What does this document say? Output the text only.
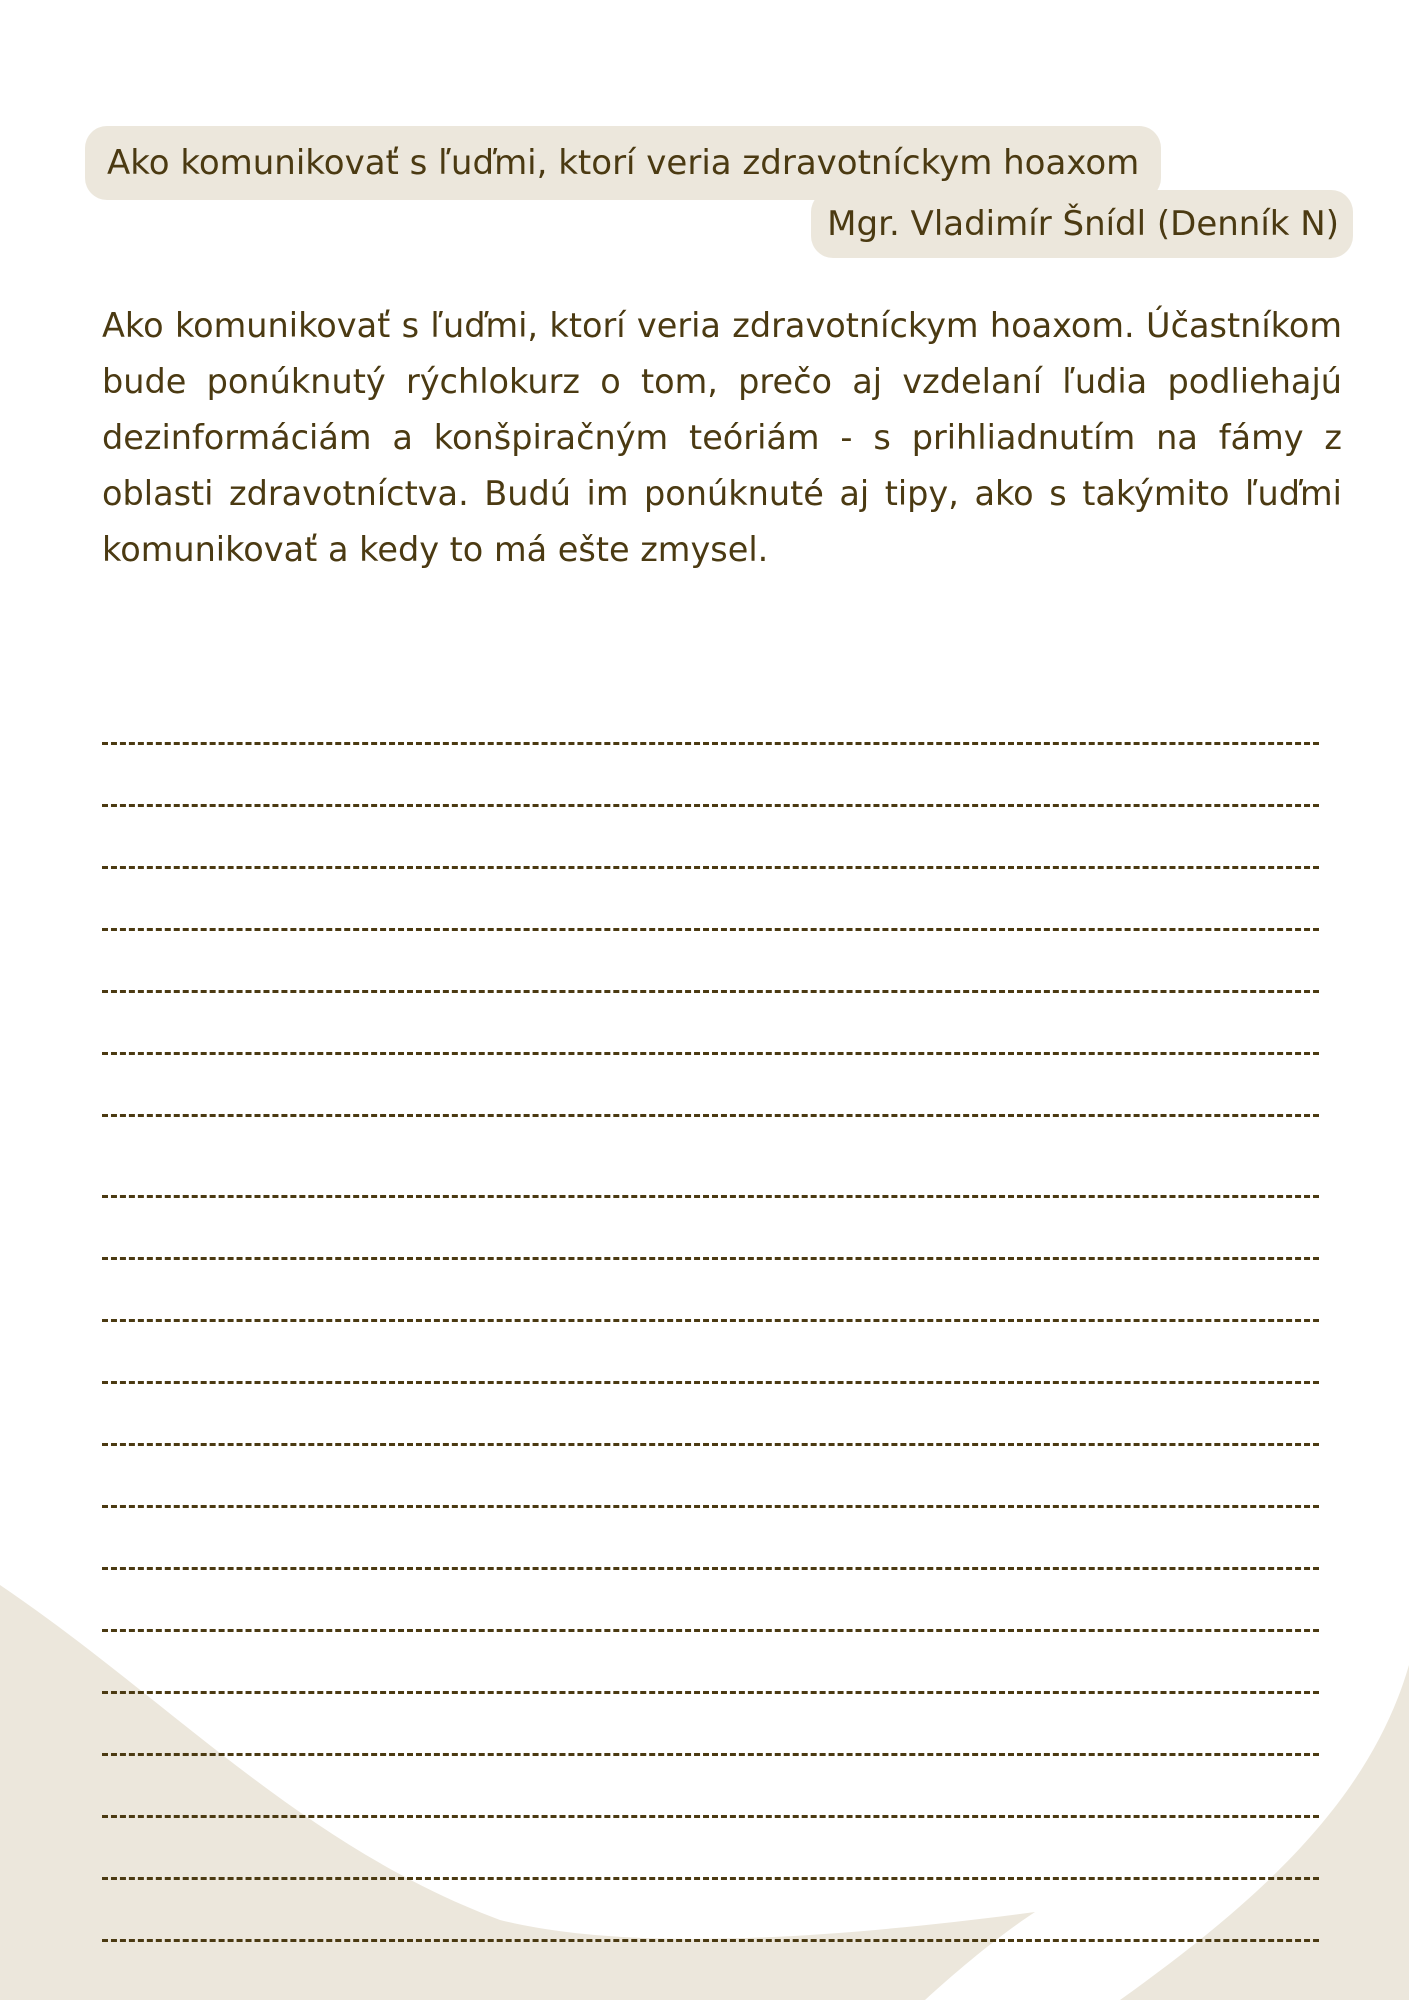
Ako komunikovať s ľuďmi, ktorí veria zdravotníckym hoaxom
Mgr. Vladimír Šnídl (Denník N)

Ako komunikovať s ľuďmi, ktorí veria zdravotníckym hoaxom. Účastníkom bude ponúknutý rýchlokurz o tom, prečo aj vzdelaní ľudia podliehajú dezinformáciám a konšpiračným teóriám - s prihliadnutím na fámy z oblasti zdravotníctva. Budú im ponúknuté aj tipy, ako s takýmito ľuďmi komunikovať a kedy to má ešte zmysel.
